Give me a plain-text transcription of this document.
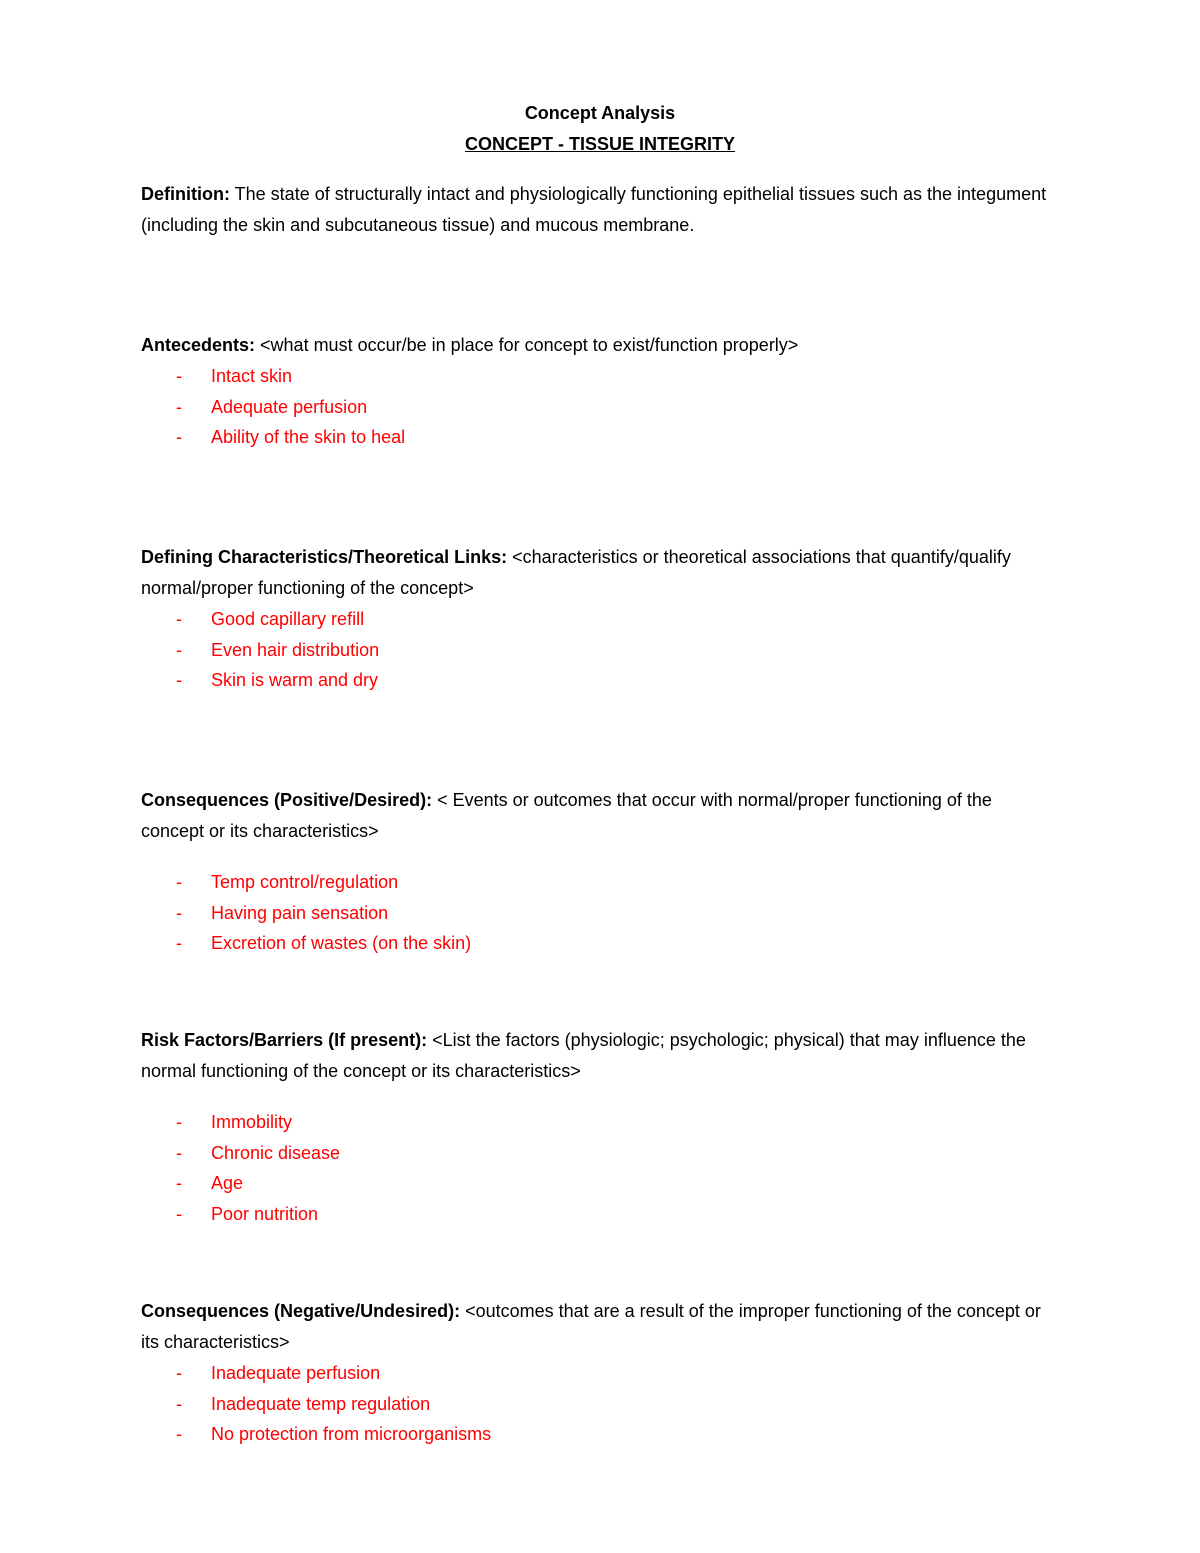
Concept Analysis
CONCEPT - TISSUE INTEGRITY
Definition: The state of structurally intact and physiologically functioning epithelial tissues such as the integument (including the skin and subcutaneous tissue) and mucous membrane.
Antecedents: <what must occur/be in place for concept to exist/function properly>
- Intact skin
- Adequate perfusion
- Ability of the skin to heal
Defining Characteristics/Theoretical Links: <characteristics or theoretical associations that quantify/qualify normal/proper functioning of the concept>
- Good capillary refill
- Even hair distribution
- Skin is warm and dry
Consequences (Positive/Desired): < Events or outcomes that occur with normal/proper functioning of the concept or its characteristics>
- Temp control/regulation
- Having pain sensation
- Excretion of wastes (on the skin)
Risk Factors/Barriers (If present): <List the factors (physiologic; psychologic; physical) that may influence the normal functioning of the concept or its characteristics>
- Immobility
- Chronic disease
- Age
- Poor nutrition
Consequences (Negative/Undesired): <outcomes that are a result of the improper functioning of the concept or its characteristics>
- Inadequate perfusion
- Inadequate temp regulation
- No protection from microorganisms
